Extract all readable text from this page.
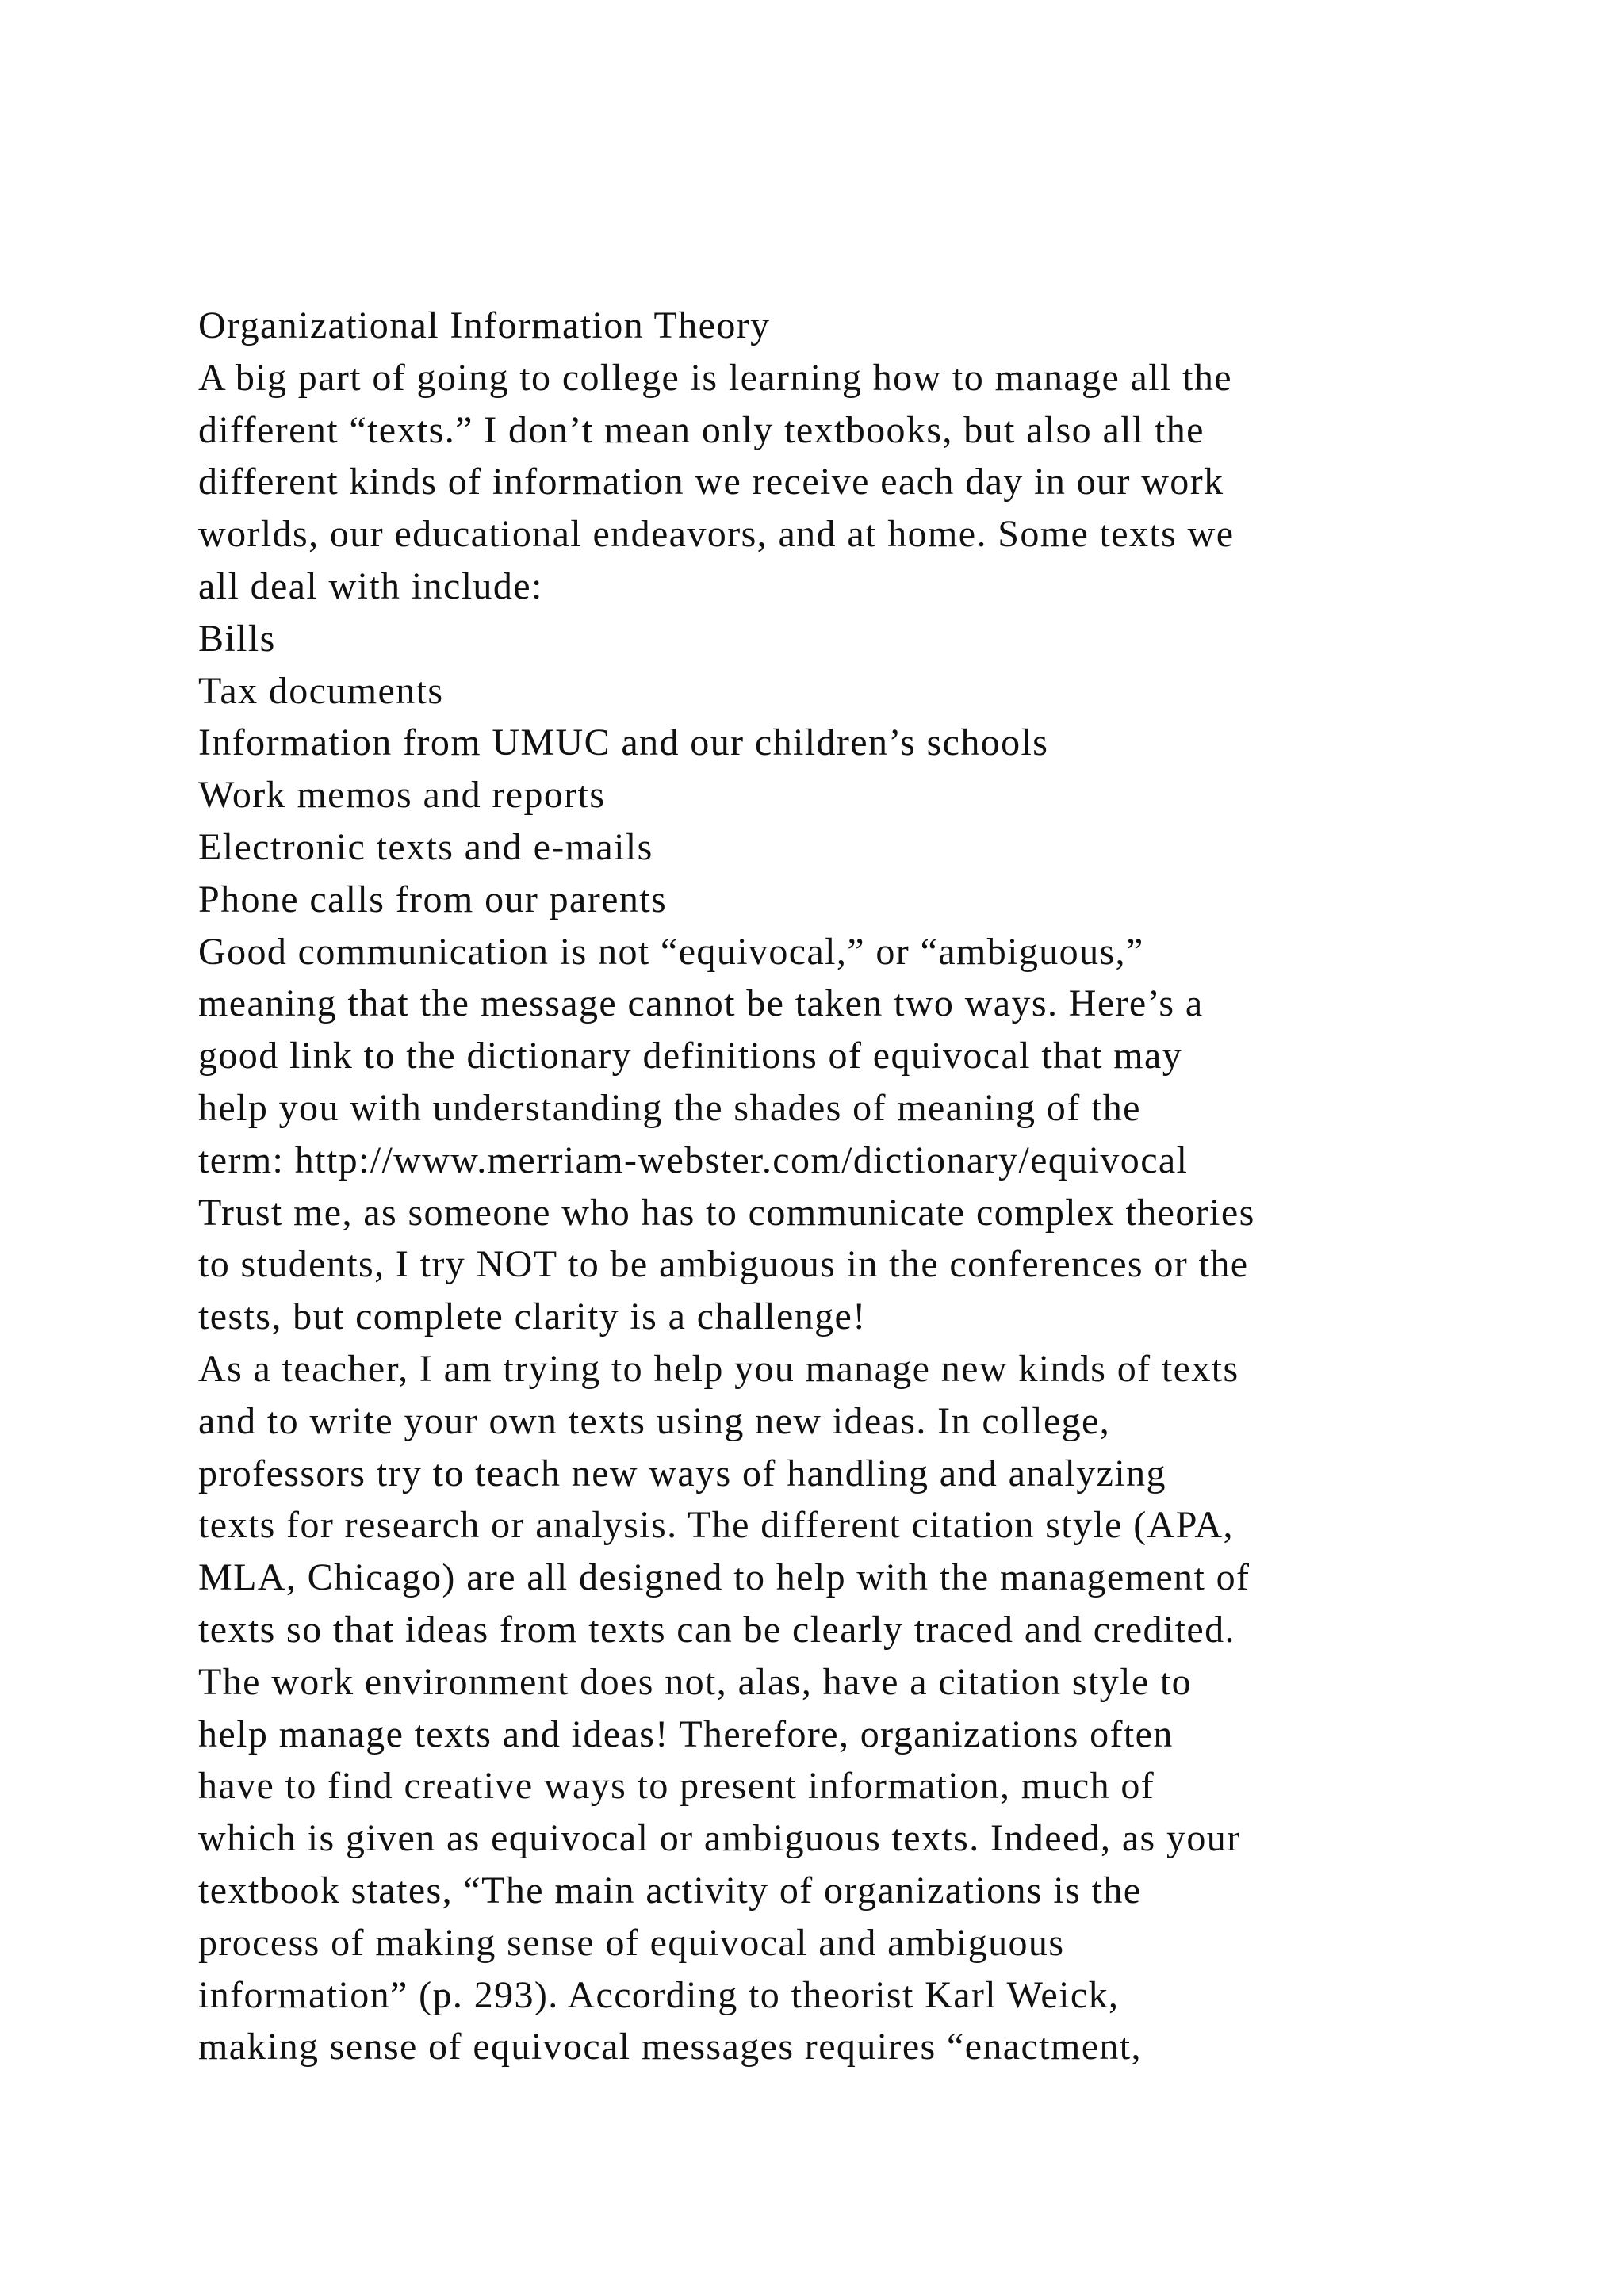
Organizational Information Theory
A big part of going to college is learning how to manage all the
different “texts.” I don’t mean only textbooks, but also all the
different kinds of information we receive each day in our work
worlds, our educational endeavors, and at home. Some texts we
all deal with include:
Bills
Tax documents
Information from UMUC and our children’s schools
Work memos and reports
Electronic texts and e-mails
Phone calls from our parents
Good communication is not “equivocal,” or “ambiguous,”
meaning that the message cannot be taken two ways. Here’s a
good link to the dictionary definitions of equivocal that may
help you with understanding the shades of meaning of the
term: http://www.merriam-webster.com/dictionary/equivocal
Trust me, as someone who has to communicate complex theories
to students, I try NOT to be ambiguous in the conferences or the
tests, but complete clarity is a challenge!
As a teacher, I am trying to help you manage new kinds of texts
and to write your own texts using new ideas. In college,
professors try to teach new ways of handling and analyzing
texts for research or analysis. The different citation style (APA,
MLA, Chicago) are all designed to help with the management of
texts so that ideas from texts can be clearly traced and credited.
The work environment does not, alas, have a citation style to
help manage texts and ideas! Therefore, organizations often
have to find creative ways to present information, much of
which is given as equivocal or ambiguous texts. Indeed, as your
textbook states, “The main activity of organizations is the
process of making sense of equivocal and ambiguous
information” (p. 293). According to theorist Karl Weick,
making sense of equivocal messages requires “enactment,
